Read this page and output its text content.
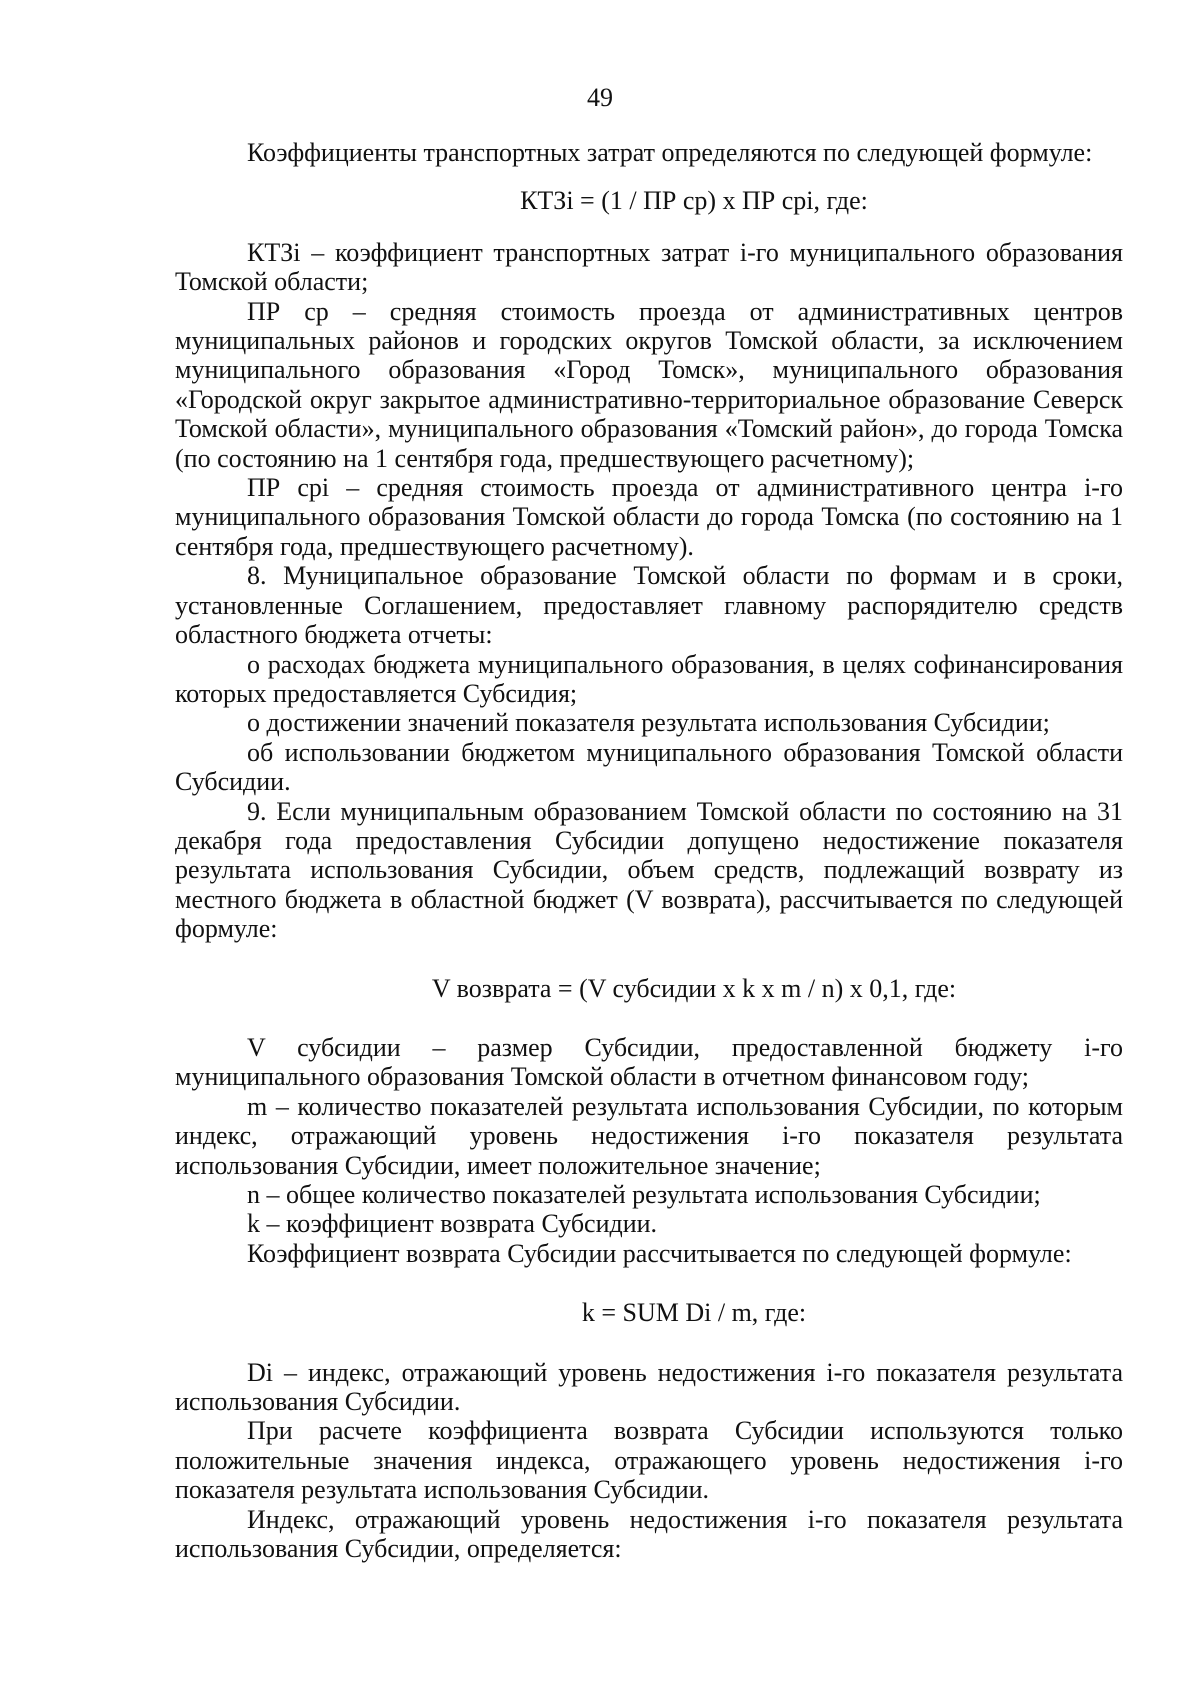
49

Коэффициенты транспортных затрат определяются по следующей формуле:

КТЗi = (1 / ПР ср) x ПР срi, где:

КТЗi – коэффициент транспортных затрат i-го муниципального образования Томской области;

ПР ср – средняя стоимость проезда от административных центров муниципальных районов и городских округов Томской области, за исключением муниципального образования «Город Томск», муниципального образования «Городской округ закрытое административно-территориальное образование Северск Томской области», муниципального образования «Томский район», до города Томска (по состоянию на 1 сентября года, предшествующего расчетному);

ПР срi – средняя стоимость проезда от административного центра i-го муниципального образования Томской области до города Томска (по состоянию на 1 сентября года, предшествующего расчетному).

8. Муниципальное образование Томской области по формам и в сроки, установленные Соглашением, предоставляет главному распорядителю средств областного бюджета отчеты:

о расходах бюджета муниципального образования, в целях софинансирования которых предоставляется Субсидия;

о достижении значений показателя результата использования Субсидии;

об использовании бюджетом муниципального образования Томской области Субсидии.

9. Если муниципальным образованием Томской области по состоянию на 31 декабря года предоставления Субсидии допущено недостижение показателя результата использования Субсидии, объем средств, подлежащий возврату из местного бюджета в областной бюджет (V возврата), рассчитывается по следующей формуле:

V возврата = (V субсидии x k x m / n) x 0,1, где:

V субсидии – размер Субсидии, предоставленной бюджету i-го муниципального образования Томской области в отчетном финансовом году;

m – количество показателей результата использования Субсидии, по которым индекс, отражающий уровень недостижения i-го показателя результата использования Субсидии, имеет положительное значение;

n – общее количество показателей результата использования Субсидии;

k – коэффициент возврата Субсидии.

Коэффициент возврата Субсидии рассчитывается по следующей формуле:

k = SUM Di / m, где:

Di – индекс, отражающий уровень недостижения i-го показателя результата использования Субсидии.

При расчете коэффициента возврата Субсидии используются только положительные значения индекса, отражающего уровень недостижения i-го показателя результата использования Субсидии.

Индекс, отражающий уровень недостижения i-го показателя результата использования Субсидии, определяется:
